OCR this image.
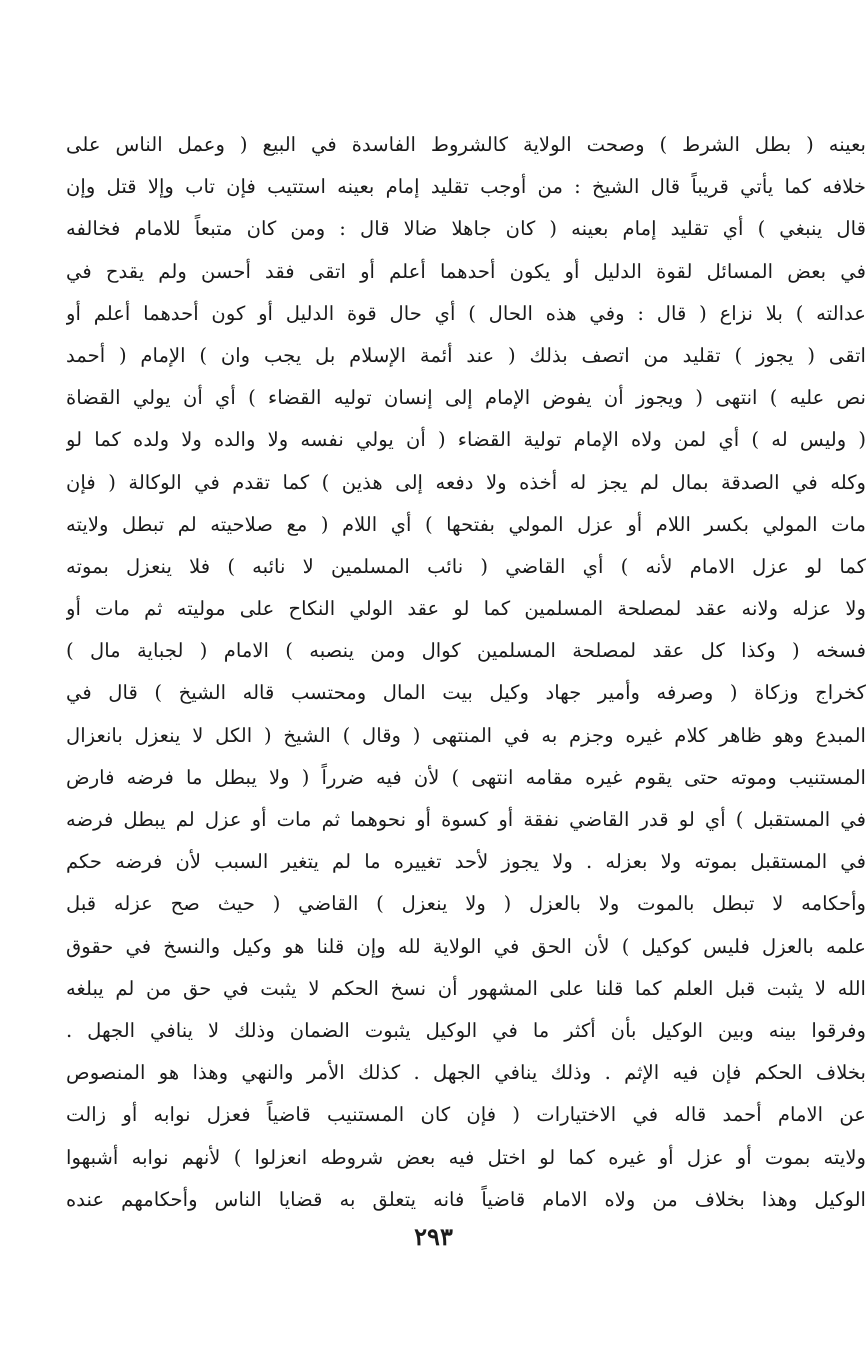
بعينه ( بطل الشرط ) وصحت الولاية كالشروط الفاسدة في البيع ( وعمل الناس على
خلافه كما يأتي قريباً قال الشيخ : من أوجب تقليد إمام بعينه استتيب فإن تاب وإلا قتل وإن
قال ينبغي ) أي تقليد إمام بعينه ( كان جاهلا ضالا قال : ومن كان متبعاً للامام فخالفه
في بعض المسائل لقوة الدليل أو يكون أحدهما أعلم أو اتقى فقد أحسن ولم يقدح في
عدالته ) بلا نزاع ( قال : وفي هذه الحال ) أي حال قوة الدليل أو كون أحدهما أعلم أو
اتقى ( يجوز ) تقليد من اتصف بذلك ( عند أئمة الإسلام بل يجب وان ) الإمام ( أحمد
نص عليه ) انتهى ( ويجوز أن يفوض الإمام إلى إنسان توليه القضاء ) أي أن يولي القضاة
( وليس له ) أي لمن ولاه الإمام تولية القضاء ( أن يولي نفسه ولا والده ولا ولده كما لو
وكله في الصدقة بمال لم يجز له أخذه ولا دفعه إلى هذين ) كما تقدم في الوكالة ( فإن
مات المولي بكسر اللام أو عزل المولي بفتحها ) أي اللام ( مع صلاحيته لم تبطل ولايته
كما لو عزل الامام لأنه ) أي القاضي ( نائب المسلمين لا نائبه ) فلا ينعزل بموته
ولا عزله ولانه عقد لمصلحة المسلمين كما لو عقد الولي النكاح على موليته ثم مات أو
فسخه ( وكذا كل عقد لمصلحة المسلمين كوال ومن ينصبه ) الامام ( لجباية مال )
كخراج وزكاة ( وصرفه وأمير جهاد وكيل بيت المال ومحتسب قاله الشيخ ) قال في
المبدع وهو ظاهر كلام غيره وجزم به في المنتهى ( وقال ) الشيخ ( الكل لا ينعزل بانعزال
المستنيب وموته حتى يقوم غيره مقامه انتهى ) لأن فيه ضرراً ( ولا يبطل ما فرضه فارض
في المستقبل ) أي لو قدر القاضي نفقة أو كسوة أو نحوهما ثم مات أو عزل لم يبطل فرضه
في المستقبل بموته ولا بعزله . ولا يجوز لأحد تغييره ما لم يتغير السبب لأن فرضه حكم
وأحكامه لا تبطل بالموت ولا بالعزل ( ولا ينعزل ) القاضي ( حيث صح عزله قبل
علمه بالعزل فليس كوكيل ) لأن الحق في الولاية لله وإن قلنا هو وكيل والنسخ في حقوق
الله لا يثبت قبل العلم كما قلنا على المشهور أن نسخ الحكم لا يثبت في حق من لم يبلغه
وفرقوا بينه وبين الوكيل بأن أكثر ما في الوكيل يثبوت الضمان وذلك لا ينافي الجهل .
بخلاف الحكم فإن فيه الإثم . وذلك ينافي الجهل . كذلك الأمر والنهي وهذا هو المنصوص
عن الامام أحمد قاله في الاختيارات ( فإن كان المستنيب قاضياً فعزل نوابه أو زالت
ولايته بموت أو عزل أو غيره كما لو اختل فيه بعض شروطه انعزلوا ) لأنهم نوابه أشبهوا
الوكيل وهذا بخلاف من ولاه الامام قاضياً فانه يتعلق به قضايا الناس وأحكامهم عنده
٢٩٣
